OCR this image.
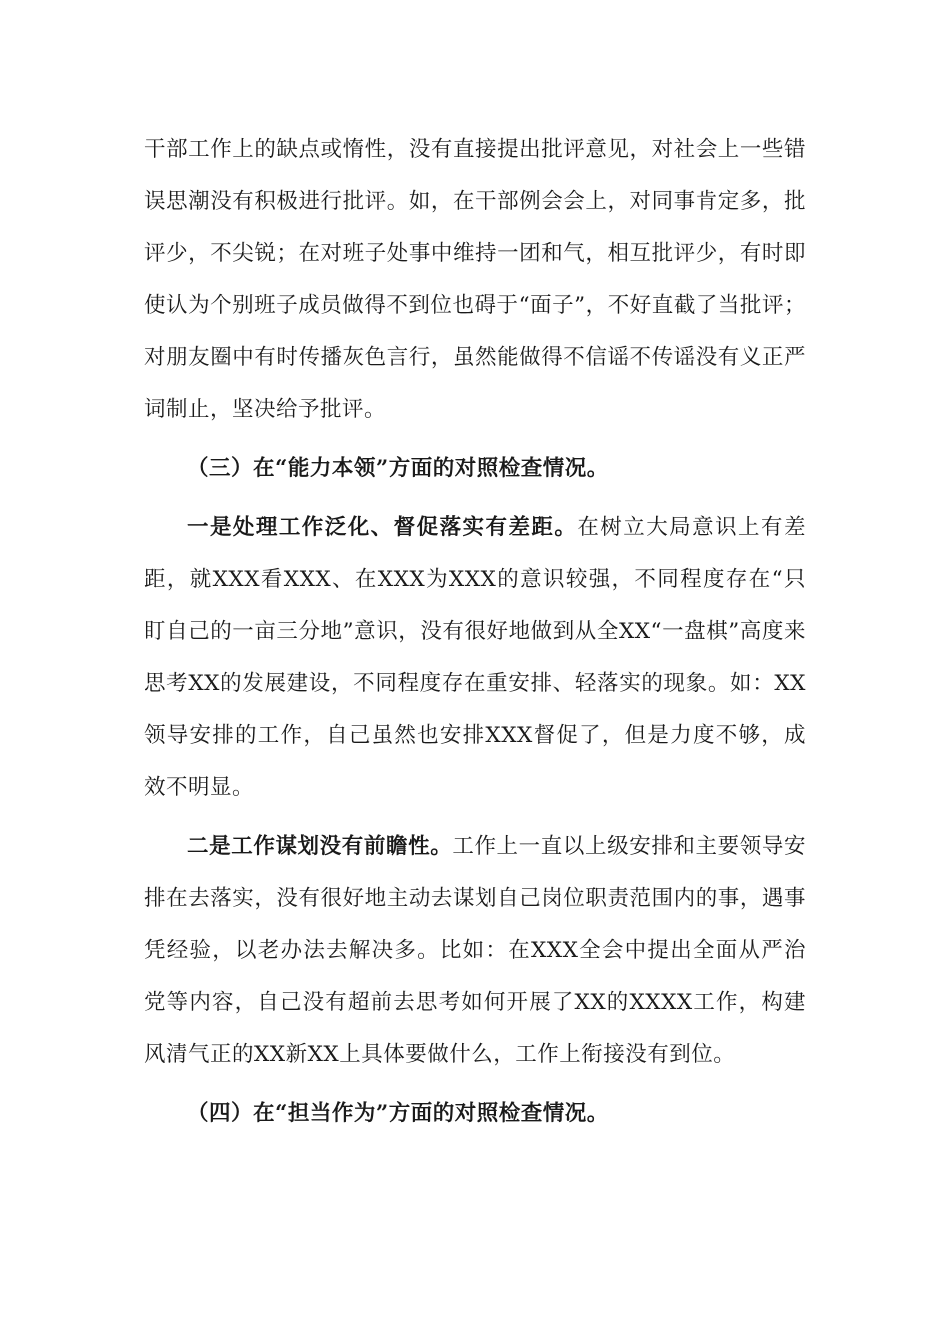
干部工作上的缺点或惰性，没有直接提出批评意见，对社会上一些错误思潮没有积极进行批评。如，在干部例会会上，对同事肯定多，批评少，不尖锐；在对班子处事中维持一团和气，相互批评少，有时即使认为个别班子成员做得不到位也碍于“面子”，不好直截了当批评；对朋友圈中有时传播灰色言行，虽然能做得不信谣不传谣没有义正严词制止，坚决给予批评。

（三）在“能力本领”方面的对照检查情况。

一是处理工作泛化、督促落实有差距。在树立大局意识上有差距，就XXX看XXX、在XXX为XXX的意识较强，不同程度存在“只盯自己的一亩三分地”意识，没有很好地做到从全XX“一盘棋”高度来思考XX的发展建设，不同程度存在重安排、轻落实的现象。如：XX领导安排的工作，自己虽然也安排XXX督促了，但是力度不够，成效不明显。

二是工作谋划没有前瞻性。工作上一直以上级安排和主要领导安排在去落实，没有很好地主动去谋划自己岗位职责范围内的事，遇事凭经验，以老办法去解决多。比如：在XXX全会中提出全面从严治党等内容，自己没有超前去思考如何开展了XX的XXXX工作，构建风清气正的XX新XX上具体要做什么，工作上衔接没有到位。

（四）在“担当作为”方面的对照检查情况。
